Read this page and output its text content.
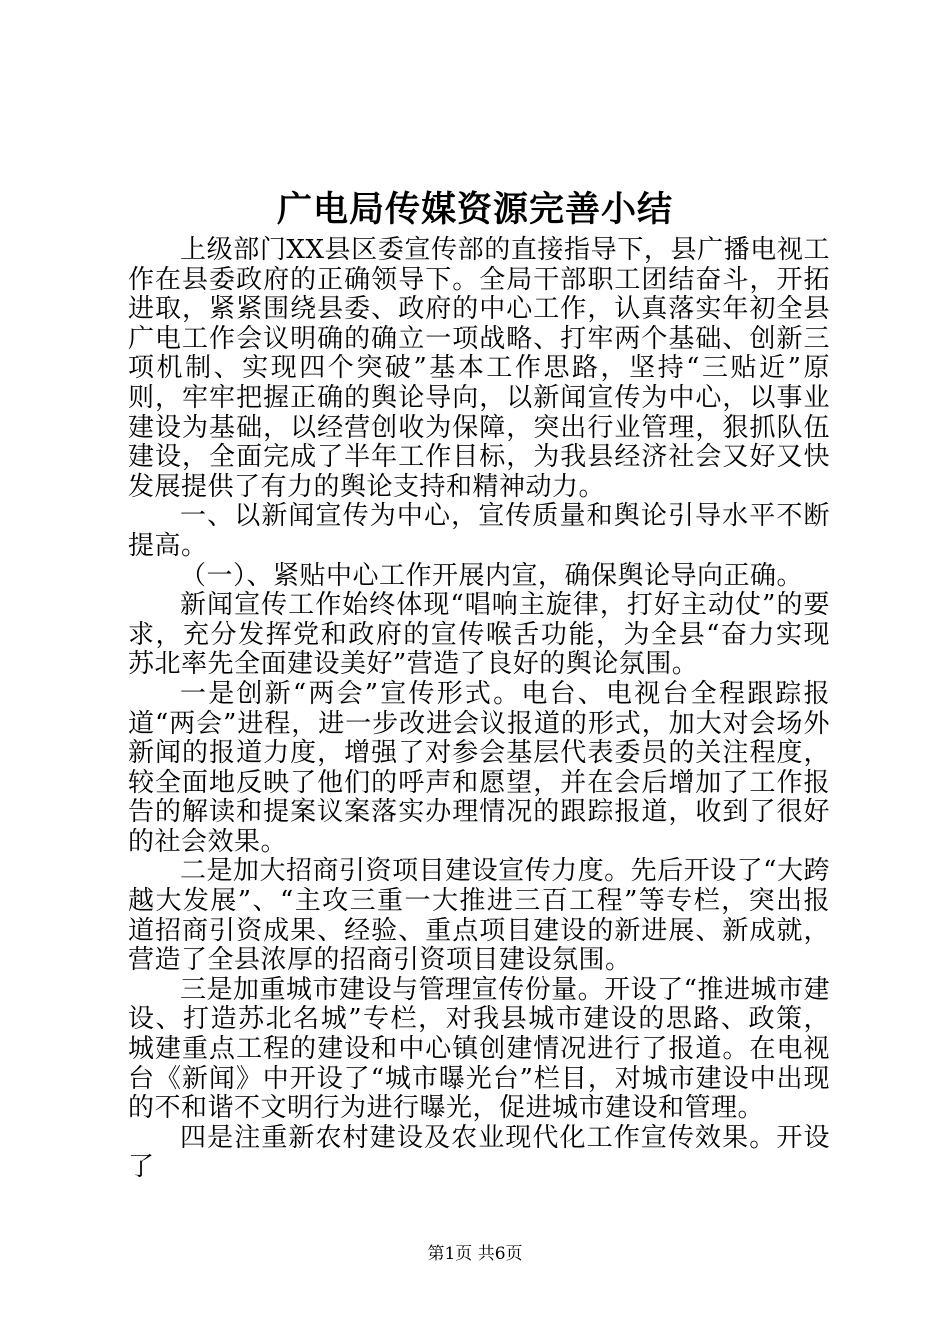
广电局传媒资源完善小结

上级部门XX县区委宣传部的直接指导下，县广播电视工作在县委政府的正确领导下。全局干部职工团结奋斗，开拓进取，紧紧围绕县委、政府的中心工作，认真落实年初全县广电工作会议明确的确立一项战略、打牢两个基础、创新三项机制、实现四个突破”基本工作思路，坚持“三贴近”原则，牢牢把握正确的舆论导向，以新闻宣传为中心，以事业建设为基础，以经营创收为保障，突出行业管理，狠抓队伍建设，全面完成了半年工作目标，为我县经济社会又好又快发展提供了有力的舆论支持和精神动力。

一、以新闻宣传为中心，宣传质量和舆论引导水平不断提高。

（一）、紧贴中心工作开展内宣，确保舆论导向正确。

新闻宣传工作始终体现“唱响主旋律，打好主动仗”的要求，充分发挥党和政府的宣传喉舌功能，为全县“奋力实现苏北率先全面建设美好”营造了良好的舆论氛围。

一是创新“两会”宣传形式。电台、电视台全程跟踪报道“两会”进程，进一步改进会议报道的形式，加大对会场外新闻的报道力度，增强了对参会基层代表委员的关注程度，较全面地反映了他们的呼声和愿望，并在会后增加了工作报告的解读和提案议案落实办理情况的跟踪报道，收到了很好的社会效果。

二是加大招商引资项目建设宣传力度。先后开设了“大跨越大发展”、“主攻三重一大推进三百工程”等专栏，突出报道招商引资成果、经验、重点项目建设的新进展、新成就，营造了全县浓厚的招商引资项目建设氛围。

三是加重城市建设与管理宣传份量。开设了“推进城市建设、打造苏北名城”专栏，对我县城市建设的思路、政策，城建重点工程的建设和中心镇创建情况进行了报道。在电视台《新闻》中开设了“城市曝光台”栏目，对城市建设中出现的不和谐不文明行为进行曝光，促进城市建设和管理。

四是注重新农村建设及农业现代化工作宣传效果。开设了

第1页 共6页
